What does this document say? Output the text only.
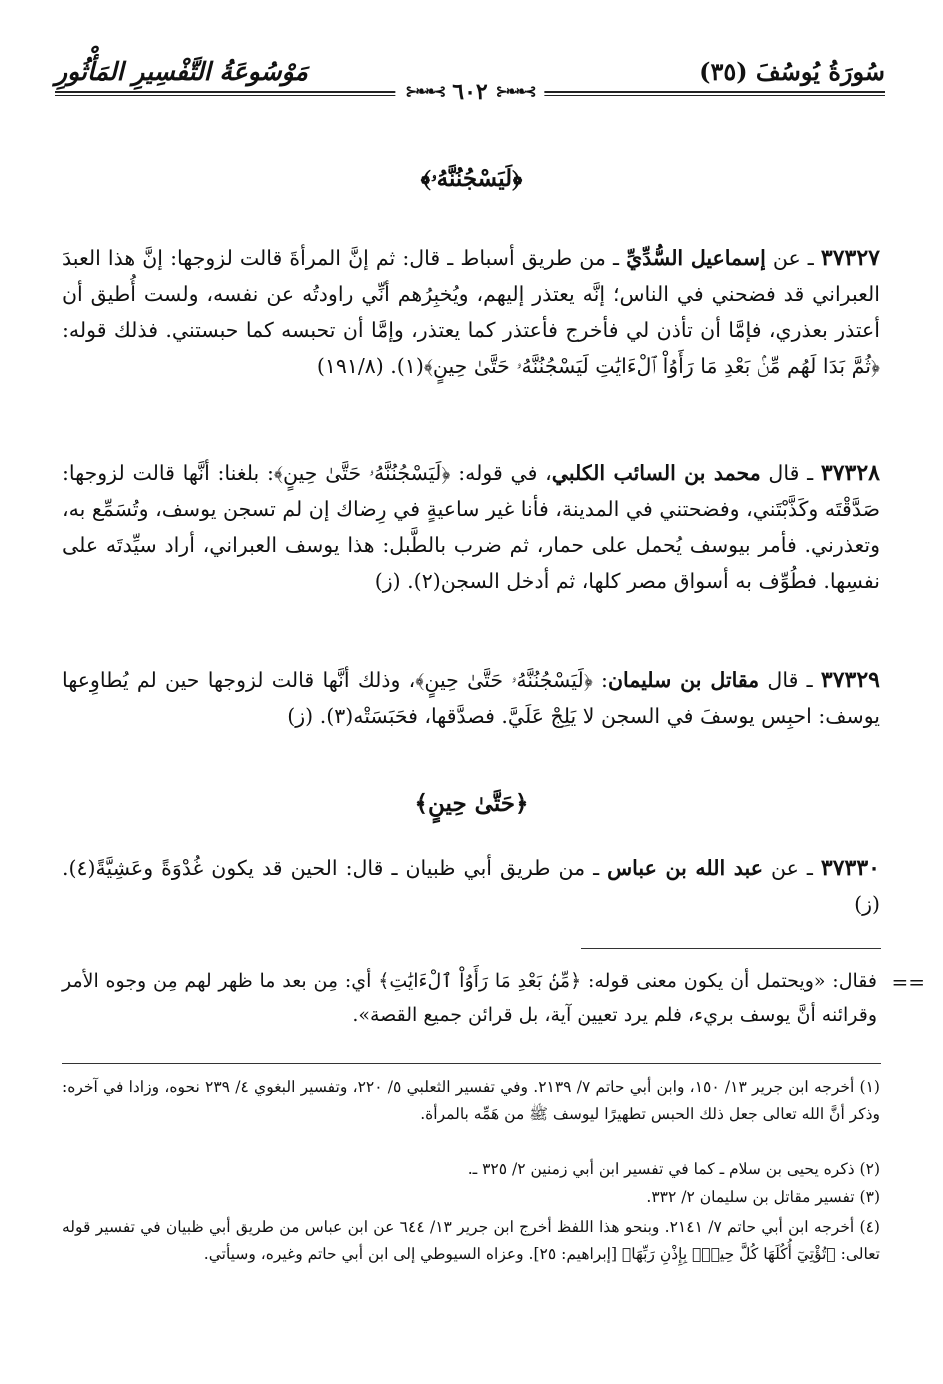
سُورَةُ يُوسُفَ (٣٥)
مَوْسُوعَةُ التَّفْسِيرِ المَأْثُورِ
⊱❧❧⊰
٦٠٢
⊱❧❧⊰
﴿لَيَسْجُنُنَّهُۥ﴾
٣٧٣٢٧ ـ عن إسماعيل السُّدِّيِّ ـ من طريق أسباط ـ قال: ثم إنَّ المرأةَ قالت لزوجها: إنَّ هذا العبدَ العبراني قد فضحني في الناس؛ إنَّه يعتذر إليهم، ويُخبِرُهم أنِّي راودتُه عن نفسه، ولست أُطيق أن أعتذر بعذري، فإمَّا أن تأذن لي فأخرج فأعتذر كما يعتذر، وإمَّا أن تحبسه كما حبستني. فذلك قوله: ﴿ثُمَّ بَدَا لَهُم مِّنۢ بَعْدِ مَا رَأَوُاْ ٱلْءَايَٰتِ لَيَسْجُنُنَّهُۥ حَتَّىٰ حِينٍ﴾(١). (١٩١/٨)
٣٧٣٢٨ ـ قال محمد بن السائب الكلبي، في قوله: ﴿لَيَسْجُنُنَّهُۥ حَتَّىٰ حِينٍ﴾: بلغنا: أنَّها قالت لزوجها: صَدَّقْتَه وكَذَّبْتَني، وفضحتني في المدينة، فأنا غير ساعيةٍ في رِضاك إن لم تسجن يوسف، وتُسَمِّع به، وتعذرني. فأمر بيوسف يُحمل على حمار، ثم ضرب بالطَّبل: هذا يوسف العبراني، أراد سيِّدتَه على نفسِها. فطُوِّف به أسواق مصر كلها، ثم أدخل السجن(٢). (ز)
٣٧٣٢٩ ـ قال مقاتل بن سليمان: ﴿لَيَسْجُنُنَّهُۥ حَتَّىٰ حِينٍ﴾، وذلك أنَّها قالت لزوجها حين لم يُطاوِعها يوسف: احبِس يوسفَ في السجن لا يَلِجْ عَلَيَّ. فصدَّقها، فحَبَسَتْه(٣). (ز)
﴿حَتَّىٰ حِينٍ﴾
٣٧٣٣٠ ـ عن عبد الله بن عباس ـ من طريق أبي ظبيان ـ قال: الحين قد يكون غُدْوَةً وعَشِيَّةً(٤). (ز)
==
فقال: «ويحتمل أن يكون معنى قوله: ﴿مِّنۢ بَعْدِ مَا رَأَوُاْ ٱلْءَايَٰتِ﴾ أي: مِن بعد ما ظهر لهم مِن وجوه الأمر وقرائنه أنَّ يوسف بريء، فلم يرد تعيين آية، بل قرائن جميع القصة».
(١) أخرجه ابن جرير ١٣/ ١٥٠، وابن أبي حاتم ٧/ ٢١٣٩. وفي تفسير الثعلبي ٥/ ٢٢٠، وتفسير البغوي ٤/ ٢٣٩ نحوه، وزادا في آخره: وذكر أنَّ الله تعالى جعل ذلك الحبس تطهيرًا ليوسف ﷺ من هَمِّه بالمرأة.
(٢) ذكره يحيى بن سلام ـ كما في تفسير ابن أبي زمنين ٢/ ٣٢٥ ـ.
(٣) تفسير مقاتل بن سليمان ٢/ ٣٣٢.
(٤) أخرجه ابن أبي حاتم ٧/ ٢١٤١. وبنحو هذا اللفظ أخرج ابن جرير ١٣/ ٦٤٤ عن ابن عباس من طريق أبي ظبيان في تفسير قوله تعالى: ﴿تُؤْتِيٓ أُكُلَهَا كُلَّ حِينِۭ بِإِذْنِ رَبِّهَا﴾ [إبراهيم: ٢٥]. وعزاه السيوطي إلى ابن أبي حاتم وغيره، وسيأتي.
